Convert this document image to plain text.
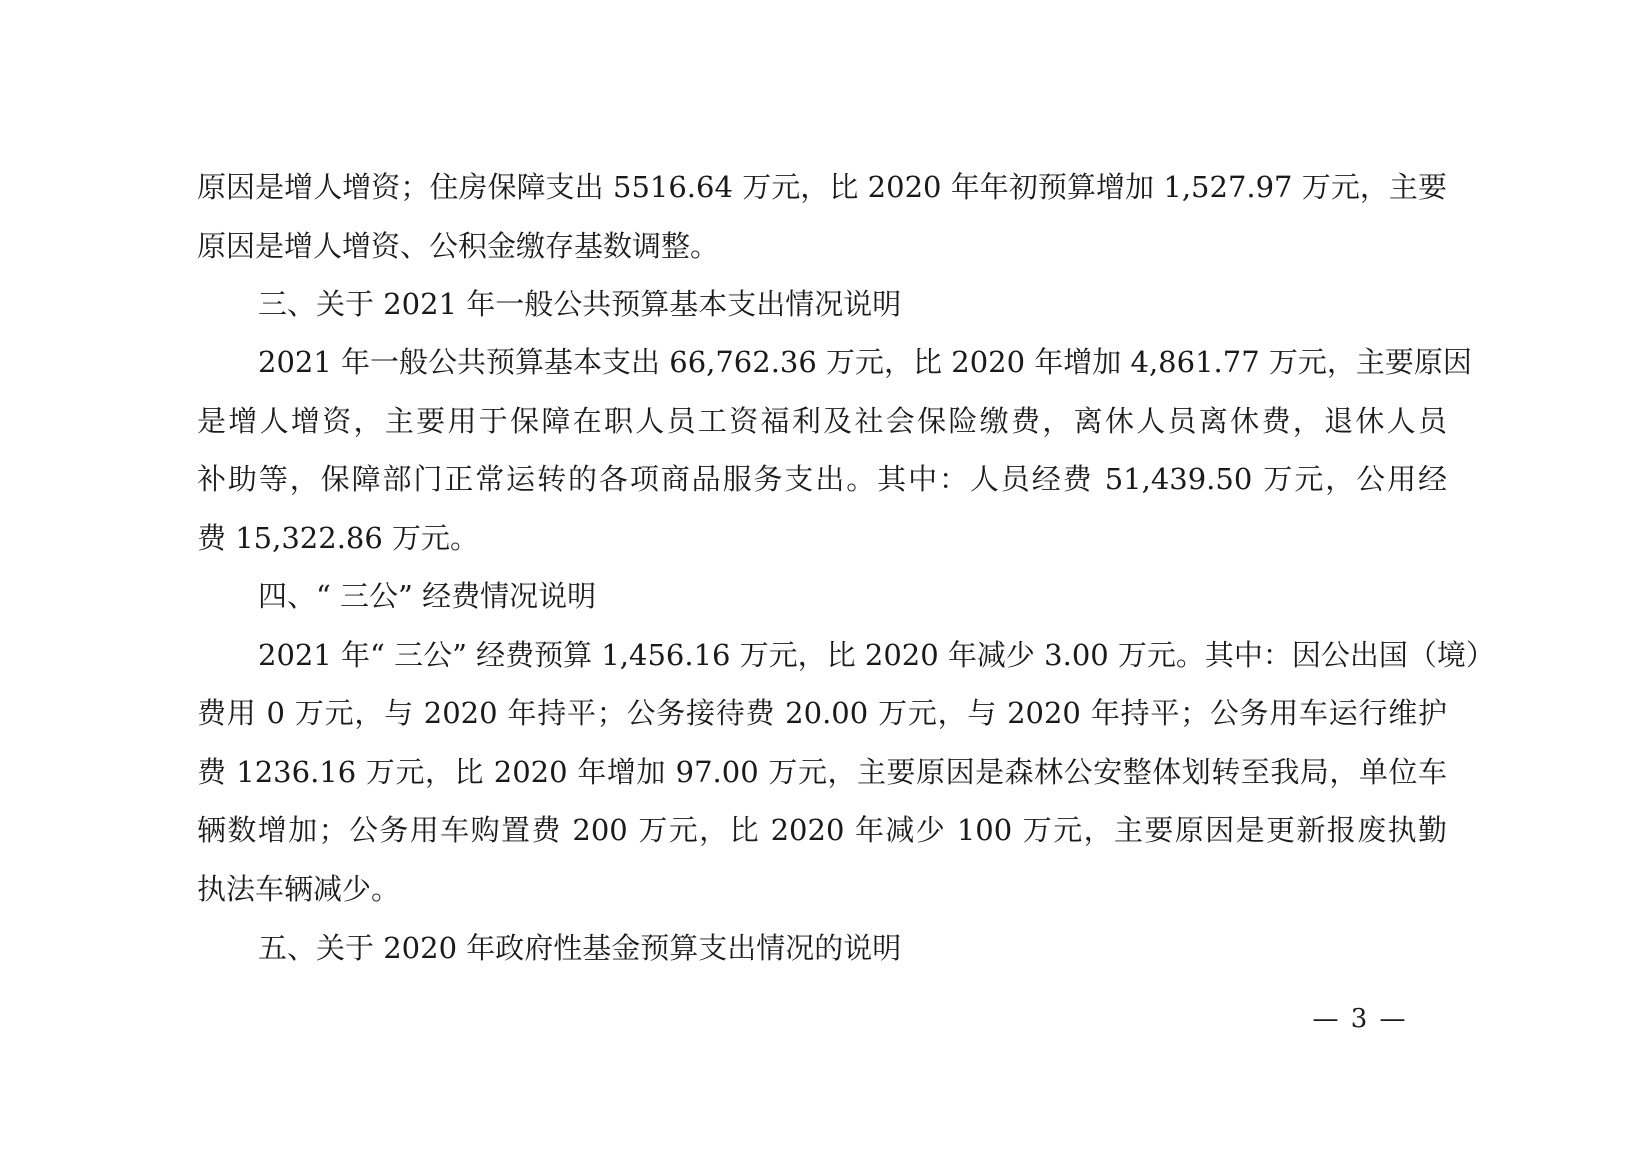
原因是增人增资；住房保障支出 5516.64 万元，比 2020 年年初预算增加 1,527.97 万元，主要
原因是增人增资、公积金缴存基数调整。
三、关于 2021 年一般公共预算基本支出情况说明
2021 年一般公共预算基本支出 66,762.36 万元，比 2020 年增加 4,861.77 万元，主要原因
是增人增资，主要用于保障在职人员工资福利及社会保险缴费，离休人员离休费，退休人员
补助等，保障部门正常运转的各项商品服务支出。其中：人员经费 51,439.50 万元，公用经
费 15,322.86 万元。
四、“ 三公” 经费情况说明
2021 年“ 三公” 经费预算 1,456.16 万元，比 2020 年减少 3.00 万元。其中：因公出国（境）
费用 0 万元，与 2020 年持平；公务接待费 20.00 万元，与 2020 年持平；公务用车运行维护
费 1236.16 万元，比 2020 年增加 97.00 万元，主要原因是森林公安整体划转至我局，单位车
辆数增加；公务用车购置费 200 万元，比 2020 年减少 100 万元，主要原因是更新报废执勤
执法车辆减少。
五、关于 2020 年政府性基金预算支出情况的说明
— 3 —
